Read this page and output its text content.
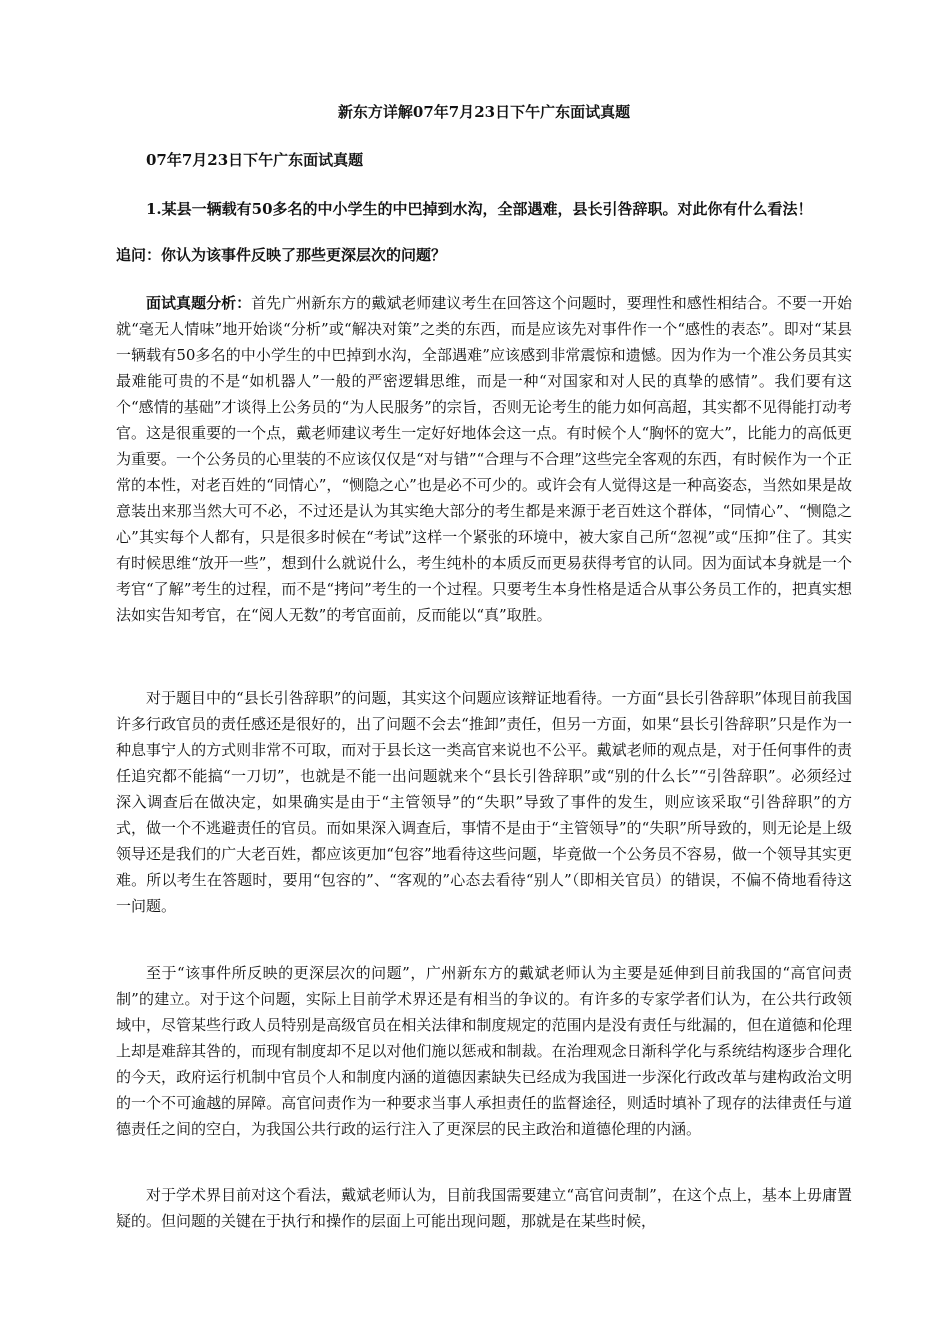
新东方详解07年7月23日下午广东面试真题
07年7月23日下午广东面试真题

1.某县一辆载有50多名的中小学生的中巴掉到水沟，全部遇难，县长引咎辞职。对此你有什么看法！

追问：你认为该事件反映了那些更深层次的问题？

面试真题分析：首先广州新东方的戴斌老师建议考生在回答这个问题时，要理性和感性相结合。不要一开始就“毫无人情味”地开始谈“分析”或“解决对策”之类的东西，而是应该先对事件作一个“感性的表态”。即对“某县一辆载有50多名的中小学生的中巴掉到水沟，全部遇难”应该感到非常震惊和遗憾。因为作为一个准公务员其实最难能可贵的不是“如机器人”一般的严密逻辑思维，而是一种“对国家和对人民的真挚的感情”。我们要有这个“感情的基础”才谈得上公务员的“为人民服务”的宗旨，否则无论考生的能力如何高超，其实都不见得能打动考官。这是很重要的一个点，戴老师建议考生一定好好地体会这一点。有时候个人“胸怀的宽大”，比能力的高低更为重要。一个公务员的心里装的不应该仅仅是“对与错”“合理与不合理”这些完全客观的东西，有时候作为一个正常的本性，对老百姓的“同情心”，“恻隐之心”也是必不可少的。或许会有人觉得这是一种高姿态，当然如果是故意装出来那当然大可不必，不过还是认为其实绝大部分的考生都是来源于老百姓这个群体，“同情心”、“恻隐之心”其实每个人都有，只是很多时候在“考试”这样一个紧张的环境中，被大家自己所“忽视”或“压抑”住了。其实有时候思维“放开一些”，想到什么就说什么，考生纯朴的本质反而更易获得考官的认同。因为面试本身就是一个考官“了解”考生的过程，而不是“拷问”考生的一个过程。只要考生本身性格是适合从事公务员工作的，把真实想法如实告知考官，在“阅人无数”的考官面前，反而能以“真”取胜。

对于题目中的“县长引咎辞职”的问题，其实这个问题应该辩证地看待。一方面“县长引咎辞职”体现目前我国许多行政官员的责任感还是很好的，出了问题不会去“推卸”责任，但另一方面，如果“县长引咎辞职”只是作为一种息事宁人的方式则非常不可取，而对于县长这一类高官来说也不公平。戴斌老师的观点是，对于任何事件的责任追究都不能搞“一刀切”，也就是不能一出问题就来个“县长引咎辞职”或“别的什么长”“引咎辞职”。必须经过深入调查后在做决定，如果确实是由于“主管领导”的“失职”导致了事件的发生，则应该采取“引咎辞职”的方式，做一个不逃避责任的官员。而如果深入调查后，事情不是由于“主管领导”的“失职”所导致的，则无论是上级领导还是我们的广大老百姓，都应该更加“包容”地看待这些问题，毕竟做一个公务员不容易，做一个领导其实更难。所以考生在答题时，要用“包容的”、“客观的”心态去看待“别人”（即相关官员）的错误，不偏不倚地看待这一问题。

至于“该事件所反映的更深层次的问题”，广州新东方的戴斌老师认为主要是延伸到目前我国的“高官问责制”的建立。对于这个问题，实际上目前学术界还是有相当的争议的。有许多的专家学者们认为，在公共行政领域中，尽管某些行政人员特别是高级官员在相关法律和制度规定的范围内是没有责任与纰漏的，但在道德和伦理上却是难辞其咎的，而现有制度却不足以对他们施以惩戒和制裁。在治理观念日渐科学化与系统结构逐步合理化的今天，政府运行机制中官员个人和制度内涵的道德因素缺失已经成为我国进一步深化行政改革与建构政治文明的一个不可逾越的屏障。高官问责作为一种要求当事人承担责任的监督途径，则适时填补了现存的法律责任与道德责任之间的空白，为我国公共行政的运行注入了更深层的民主政治和道德伦理的内涵。

对于学术界目前对这个看法，戴斌老师认为，目前我国需要建立“高官问责制”，在这个点上，基本上毋庸置疑的。但问题的关键在于执行和操作的层面上可能出现问题，那就是在某些时候，
